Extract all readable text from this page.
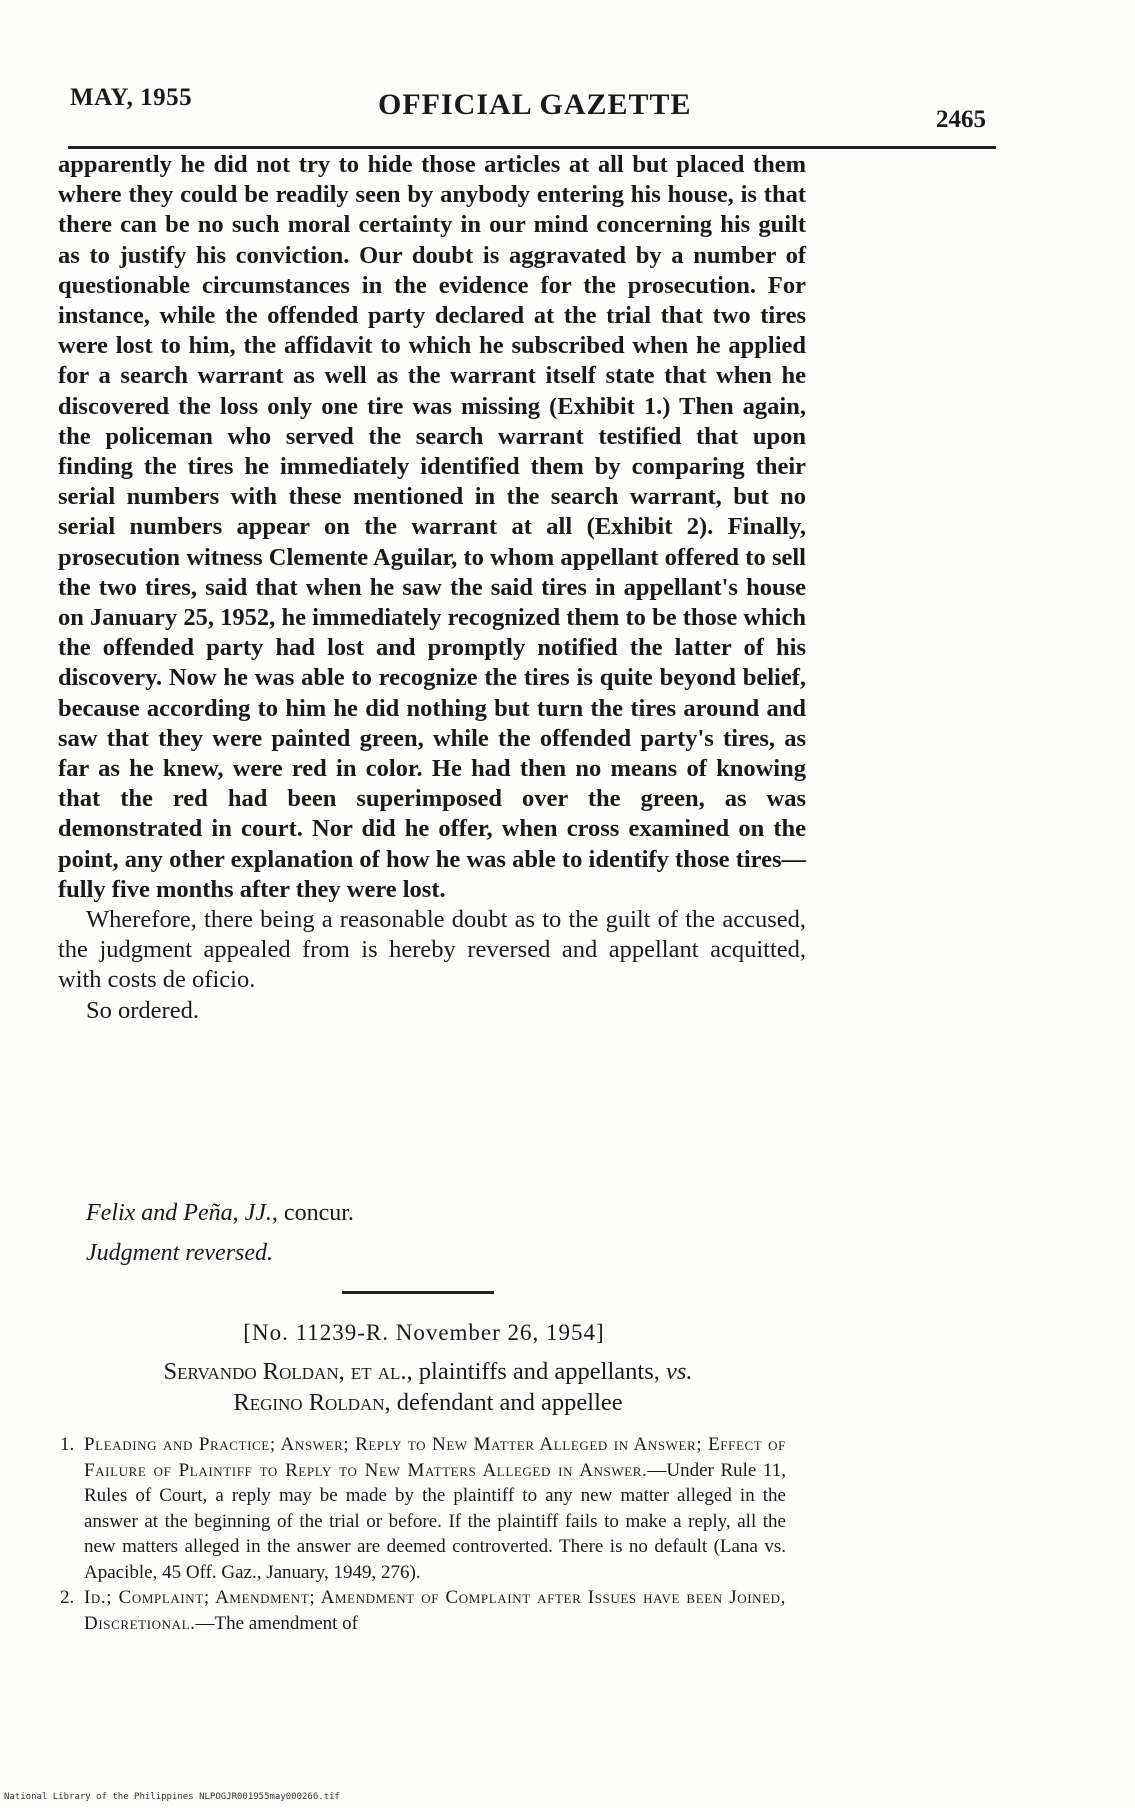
MAY, 1955	OFFICIAL GAZETTE	2465

apparently he did not try to hide those articles at all but placed them where they could be readily seen by anybody entering his house, is that there can be no such moral certainty in our mind concerning his guilt as to justify his conviction. Our doubt is aggravated by a number of questionable circumstances in the evidence for the prosecution. For instance, while the offended party declared at the trial that two tires were lost to him, the affidavit to which he subscribed when he applied for a search warrant as well as the warrant itself state that when he discovered the loss only one tire was missing (Exhibit 1.) Then again, the policeman who served the search warrant testified that upon finding the tires he immediately identified them by comparing their serial numbers with these mentioned in the search warrant, but no serial numbers appear on the warrant at all (Exhibit 2). Finally, prosecution witness Clemente Aguilar, to whom appellant offered to sell the two tires, said that when he saw the said tires in appellant's house on January 25, 1952, he immediately recognized them to be those which the offended party had lost and promptly notified the latter of his discovery. Now he was able to recognize the tires is quite beyond belief, because according to him he did nothing but turn the tires around and saw that they were painted green, while the offended party's tires, as far as he knew, were red in color. He had then no means of knowing that the red had been superimposed over the green, as was demonstrated in court. Nor did he offer, when cross examined on the point, any other explanation of how he was able to identify those tires—fully five months after they were lost.

Wherefore, there being a reasonable doubt as to the guilt of the accused, the judgment appealed from is hereby reversed and appellant acquitted, with costs de oficio.

So ordered.

Felix and Peña, JJ., concur.
Judgment reversed.
[No. 11239-R. November 26, 1954]
Servando Roldan, et al., plaintiffs and appellants, vs.
Regino Roldan, defendant and appellee
1. Pleading and Practice; Answer; Reply to New Matter Alleged in Answer; Effect of Failure of Plaintiff to Reply to New Matters Alleged in Answer.—Under Rule 11, Rules of Court, a reply may be made by the plaintiff to any new matter alleged in the answer at the beginning of the trial or before. If the plaintiff fails to make a reply, all the new matters alleged in the answer are deemed controverted. There is no default (Lana vs. Apacible, 45 Off. Gaz., January, 1949, 276).
2. Id.; Complaint; Amendment; Amendment of Complaint after Issues have been Joined, Discretional.—The amendment of
National Library of the Philippines NLPOGJR001955may000266.tif
